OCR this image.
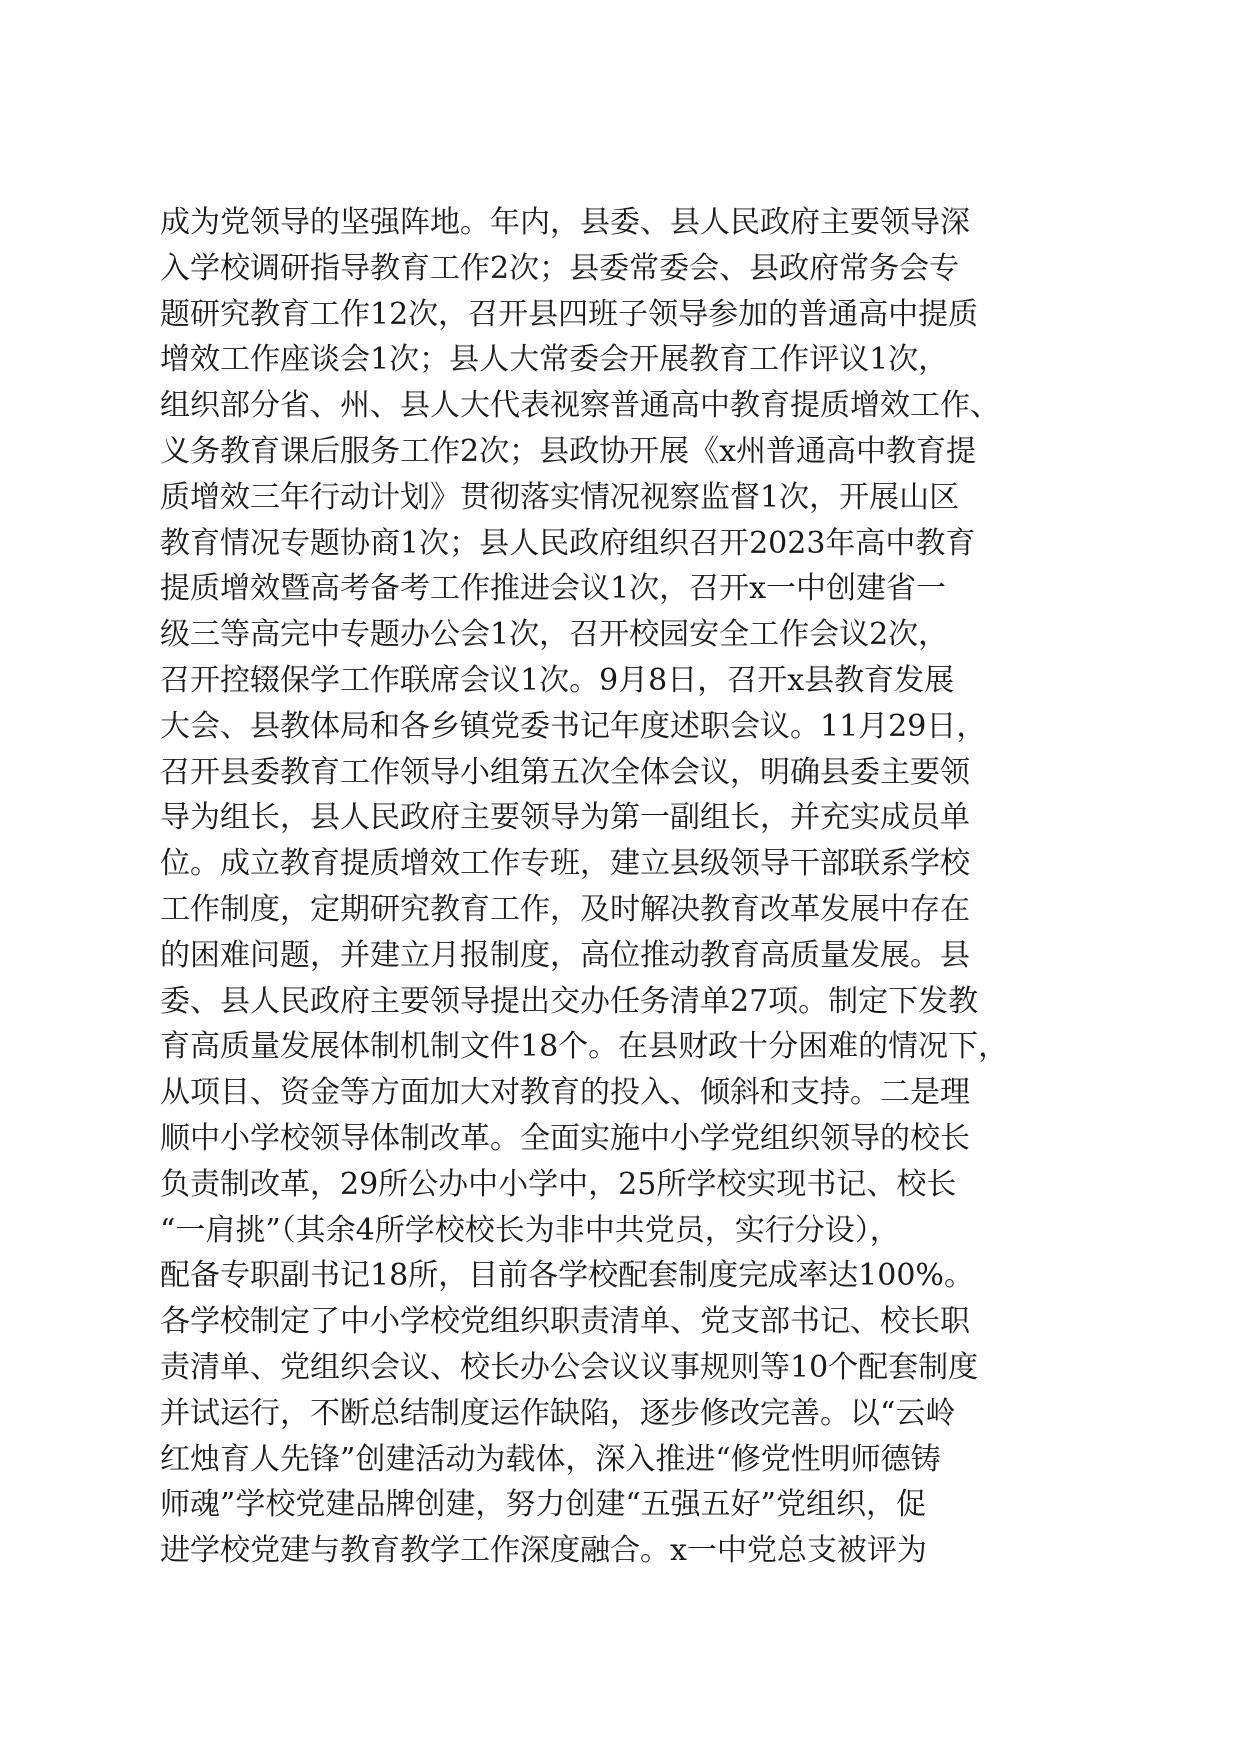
成为党领导的坚强阵地。年内，县委、县人民政府主要领导深
入学校调研指导教育工作2次；县委常委会、县政府常务会专
题研究教育工作12次，召开县四班子领导参加的普通高中提质
增效工作座谈会1次；县人大常委会开展教育工作评议1次，
组织部分省、州、县人大代表视察普通高中教育提质增效工作、
义务教育课后服务工作2次；县政协开展《x州普通高中教育提
质增效三年行动计划》贯彻落实情况视察监督1次，开展山区
教育情况专题协商1次；县人民政府组织召开2023年高中教育
提质增效暨高考备考工作推进会议1次，召开x一中创建省一
级三等高完中专题办公会1次，召开校园安全工作会议2次，
召开控辍保学工作联席会议1次。9月8日，召开x县教育发展
大会、县教体局和各乡镇党委书记年度述职会议。11月29日，
召开县委教育工作领导小组第五次全体会议，明确县委主要领
导为组长，县人民政府主要领导为第一副组长，并充实成员单
位。成立教育提质增效工作专班，建立县级领导干部联系学校
工作制度，定期研究教育工作，及时解决教育改革发展中存在
的困难问题，并建立月报制度，高位推动教育高质量发展。县
委、县人民政府主要领导提出交办任务清单27项。制定下发教
育高质量发展体制机制文件18个。在县财政十分困难的情况下，
从项目、资金等方面加大对教育的投入、倾斜和支持。二是理
顺中小学校领导体制改革。全面实施中小学党组织领导的校长
负责制改革，29所公办中小学中，25所学校实现书记、校长
“一肩挑”（其余4所学校校长为非中共党员，实行分设），
配备专职副书记18所，目前各学校配套制度完成率达100%。
各学校制定了中小学校党组织职责清单、党支部书记、校长职
责清单、党组织会议、校长办公会议议事规则等10个配套制度
并试运行，不断总结制度运作缺陷，逐步修改完善。以“云岭
红烛育人先锋”创建活动为载体，深入推进“修党性明师德铸
师魂”学校党建品牌创建，努力创建“五强五好”党组织，促
进学校党建与教育教学工作深度融合。x一中党总支被评为
